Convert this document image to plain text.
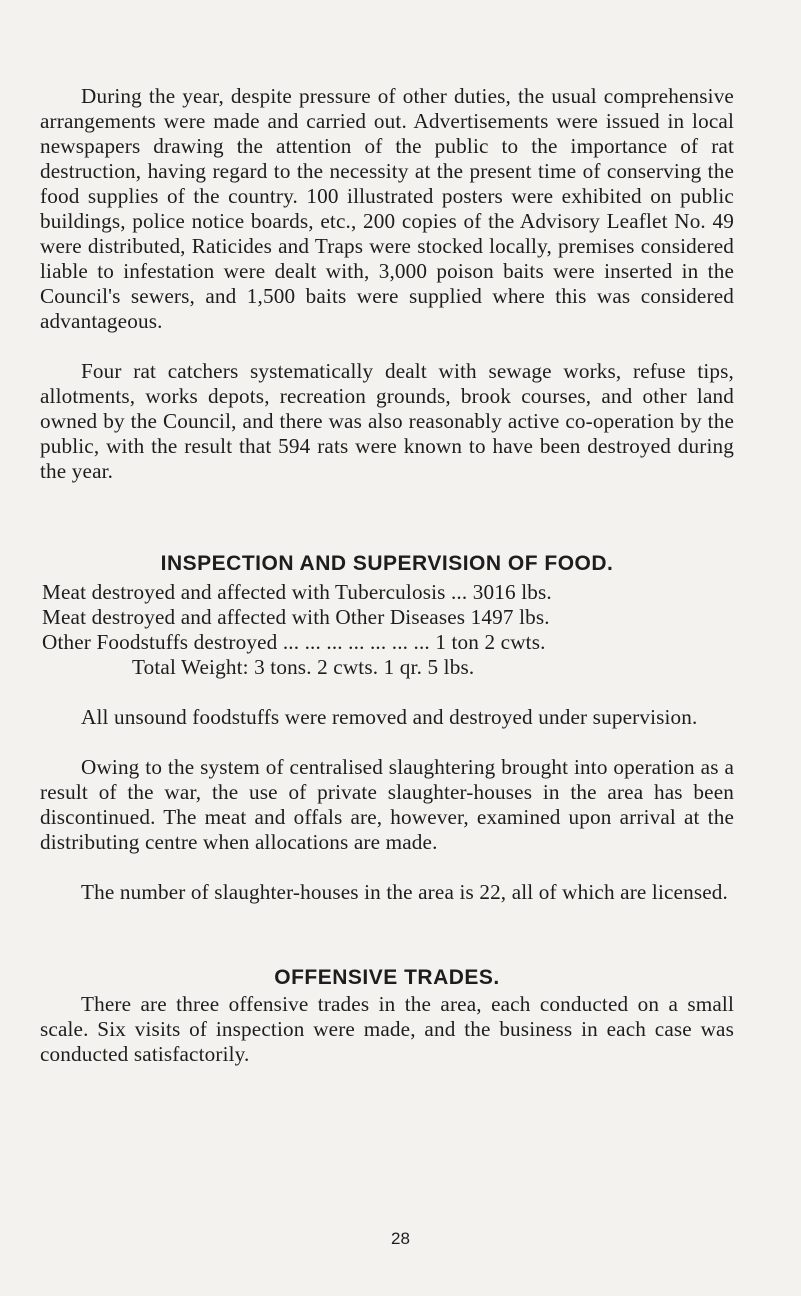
During the year, despite pressure of other duties, the usual comprehensive arrangements were made and carried out. Advertisements were issued in local newspapers drawing the attention of the public to the importance of rat destruction, having regard to the necessity at the present time of conserving the food supplies of the country. 100 illustrated posters were exhibited on public buildings, police notice boards, etc., 200 copies of the Advisory Leaflet No. 49 were distributed, Raticides and Traps were stocked locally, premises considered liable to infestation were dealt with, 3,000 poison baits were inserted in the Council's sewers, and 1,500 baits were supplied where this was considered advantageous.

Four rat catchers systematically dealt with sewage works, refuse tips, allotments, works depots, recreation grounds, brook courses, and other land owned by the Council, and there was also reasonably active co-operation by the public, with the result that 594 rats were known to have been destroyed during the year.

INSPECTION AND SUPERVISION OF FOOD.

Meat destroyed and affected with Tuberculosis ... 3016 lbs.

Meat destroyed and affected with Other Diseases 1497 lbs.

Other Foodstuffs destroyed ... ... ... ... ... ... ... 1 ton 2 cwts.

Total Weight: 3 tons. 2 cwts. 1 qr. 5 lbs.

All unsound foodstuffs were removed and destroyed under supervision.

Owing to the system of centralised slaughtering brought into operation as a result of the war, the use of private slaughter-houses in the area has been discontinued. The meat and offals are, however, examined upon arrival at the distributing centre when allocations are made.

The number of slaughter-houses in the area is 22, all of which are licensed.

OFFENSIVE TRADES.

There are three offensive trades in the area, each conducted on a small scale. Six visits of inspection were made, and the business in each case was conducted satisfactorily.

28
